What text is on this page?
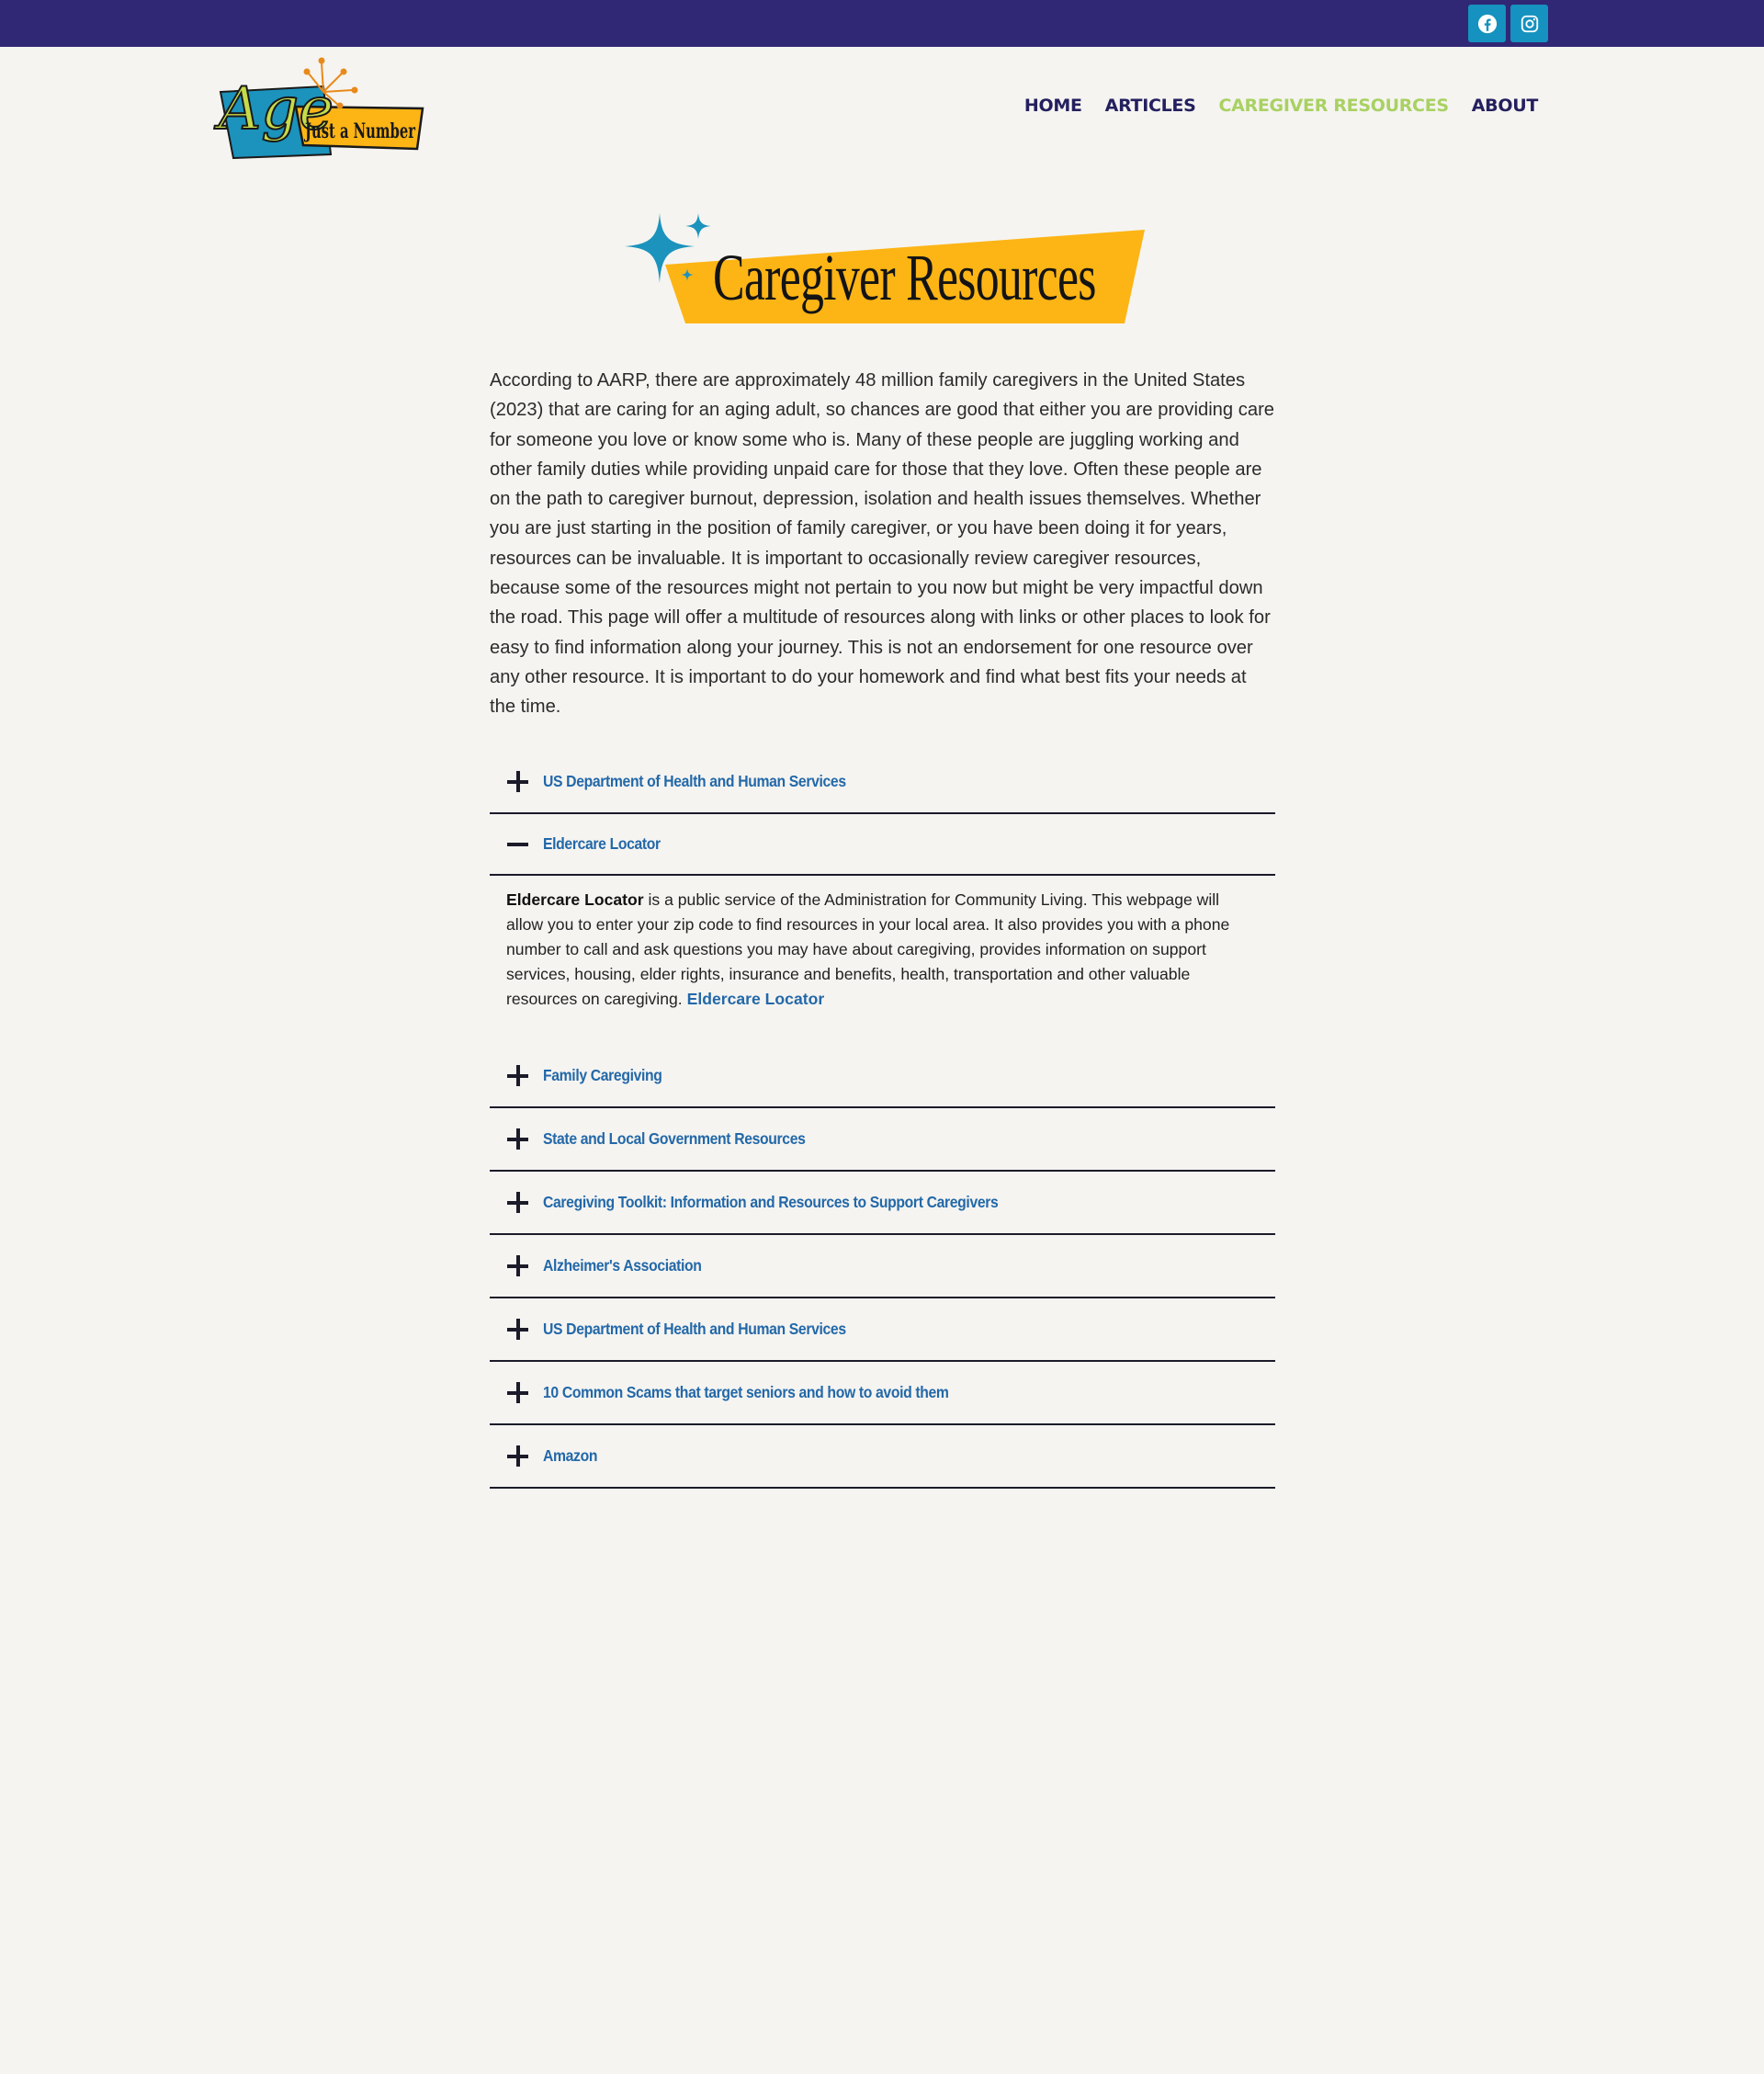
Age
Just a Number
HOME ARTICLES CAREGIVER RESOURCES ABOUT
Caregiver Resources

According to AARP, there are approximately 48 million family caregivers in the United States (2023) that are caring for an aging adult, so chances are good that either you are providing care for someone you love or know some who is. Many of these people are juggling working and other family duties while providing unpaid care for those that they love. Often these people are on the path to caregiver burnout, depression, isolation and health issues themselves. Whether you are just starting in the position of family caregiver, or you have been doing it for years, resources can be invaluable. It is important to occasionally review caregiver resources, because some of the resources might not pertain to you now but might be very impactful down the road. This page will offer a multitude of resources along with links or other places to look for easy to find information along your journey. This is not an endorsement for one resource over any other resource. It is important to do your homework and find what best fits your needs at the time.

US Department of Health and Human Services
Eldercare Locator
Eldercare Locator is a public service of the Administration for Community Living. This webpage will allow you to enter your zip code to find resources in your local area. It also provides you with a phone number to call and ask questions you may have about caregiving, provides information on support services, housing, elder rights, insurance and benefits, health, transportation and other valuable resources on caregiving. Eldercare Locator
Family Caregiving
State and Local Government Resources
Caregiving Toolkit: Information and Resources to Support Caregivers
Alzheimer's Association
US Department of Health and Human Services
10 Common Scams that target seniors and how to avoid them
Amazon
